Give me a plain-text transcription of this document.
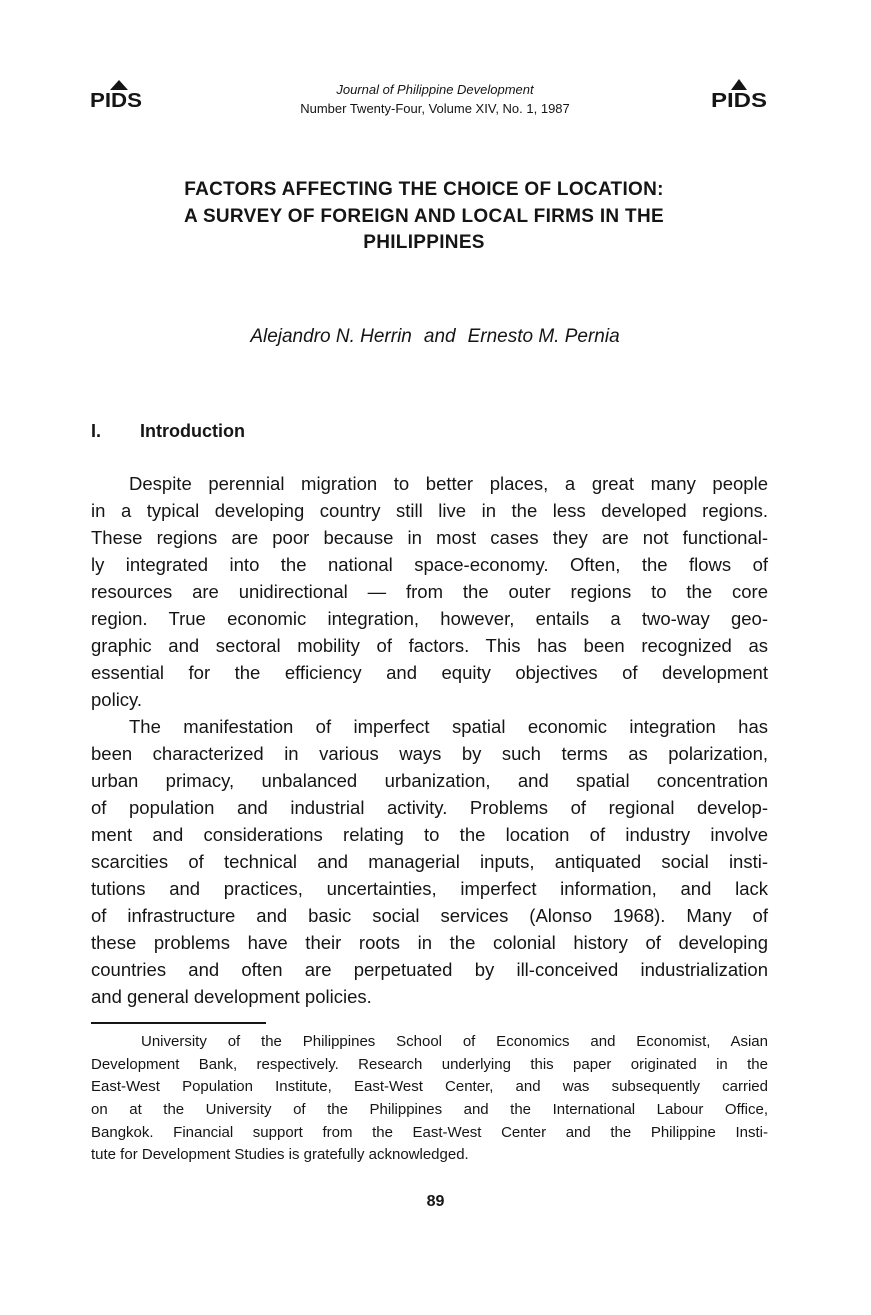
PIDS	PIDS
Journal of Philippine Development
Number Twenty-Four, Volume XIV, No. 1, 1987
FACTORS AFFECTING THE CHOICE OF LOCATION:
A SURVEY OF FOREIGN AND LOCAL FIRMS IN THE
PHILIPPINES
Alejandro N. Herrin and Ernesto M. Pernia
I. Introduction
Despite perennial migration to better places, a great many people
in a typical developing country still live in the less developed regions.
These regions are poor because in most cases they are not functional-
ly integrated into the national space-economy. Often, the flows of
resources are unidirectional — from the outer regions to the core
region. True economic integration, however, entails a two-way geo-
graphic and sectoral mobility of factors. This has been recognized as
essential for the efficiency and equity objectives of development
policy.
The manifestation of imperfect spatial economic integration has
been characterized in various ways by such terms as polarization,
urban primacy, unbalanced urbanization, and spatial concentration
of population and industrial activity. Problems of regional develop-
ment and considerations relating to the location of industry involve
scarcities of technical and managerial inputs, antiquated social insti-
tutions and practices, uncertainties, imperfect information, and lack
of infrastructure and basic social services (Alonso 1968). Many of
these problems have their roots in the colonial history of developing
countries and often are perpetuated by ill-conceived industrialization
and general development policies.
University of the Philippines School of Economics and Economist, Asian
Development Bank, respectively. Research underlying this paper originated in the
East-West Population Institute, East-West Center, and was subsequently carried
on at the University of the Philippines and the International Labour Office,
Bangkok. Financial support from the East-West Center and the Philippine Insti-
tute for Development Studies is gratefully acknowledged.
89
